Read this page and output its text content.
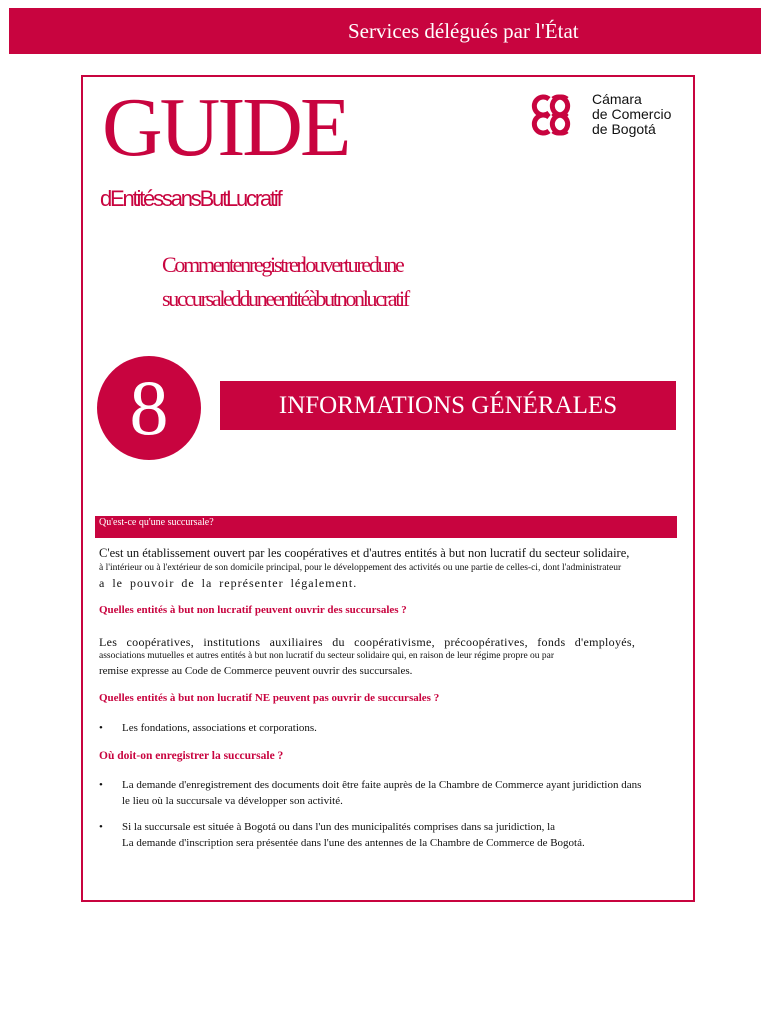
Services délégués par l'État
GUIDE
dEntitéssansButLucratif
Commentenregistrerlouverturedune
succursaledduneentitéàbutnonlucratif
Cámara
de Comercio
de Bogotá
8	INFORMATIONS GÉNÉRALES
Qu'est-ce qu'une succursale?
C'est un établissement ouvert par les coopératives et d'autres entités à but non lucratif du secteur solidaire,
à l'intérieur ou à l'extérieur de son domicile principal, pour le développement des activités ou une partie de celles-ci, dont l'administrateur
a le pouvoir de la représenter légalement.
Quelles entités à but non lucratif peuvent ouvrir des succursales ?
Les coopératives, institutions auxiliaires du coopérativisme, précoopératives, fonds d'employés,
associations mutuelles et autres entités à but non lucratif du secteur solidaire qui, en raison de leur régime propre ou par
remise expresse au Code de Commerce peuvent ouvrir des succursales.
Quelles entités à but non lucratif NE peuvent pas ouvrir de succursales ?
• Les fondations, associations et corporations.
Où doit-on enregistrer la succursale ?
• La demande d'enregistrement des documents doit être faite auprès de la Chambre de Commerce ayant juridiction dans
le lieu où la succursale va développer son activité.
• Si la succursale est située à Bogotá ou dans l'un des municipalités comprises dans sa juridiction, la
La demande d'inscription sera présentée dans l'une des antennes de la Chambre de Commerce de Bogotá.
